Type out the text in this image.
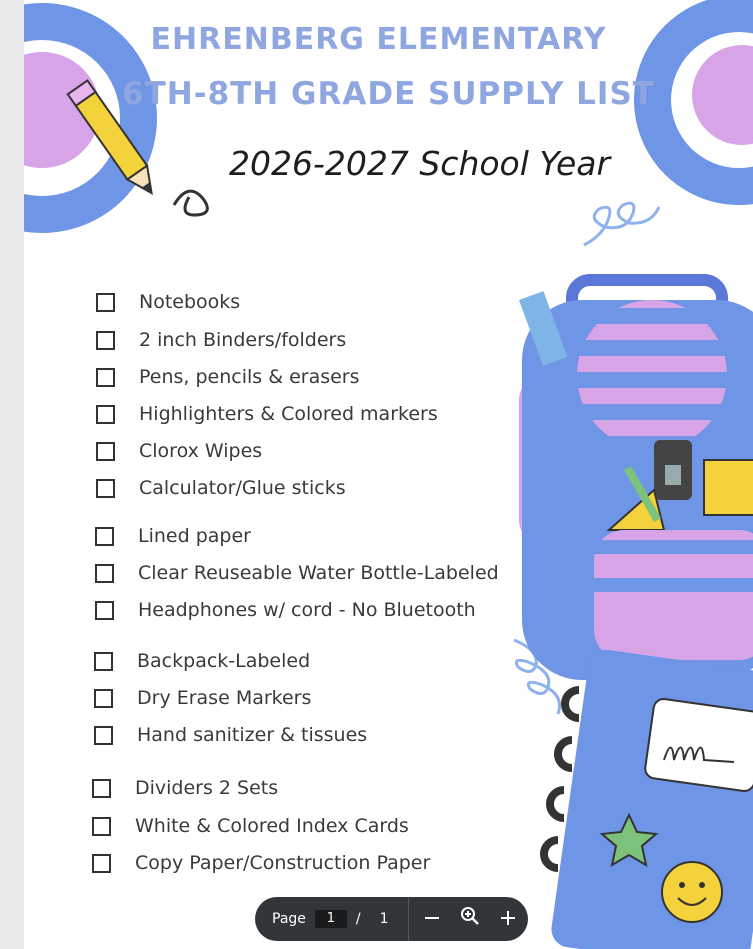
EHRENBERG ELEMENTARY
6TH-8TH GRADE SUPPLY LIST
2026-2027 School Year
Notebooks
2 inch Binders/folders
Pens, pencils & erasers
Highlighters & Colored markers
Clorox Wipes
Calculator/Glue sticks
Lined paper
Clear Reuseable Water Bottle-Labeled
Headphones w/ cord - No Bluetooth
Backpack-Labeled
Dry Erase Markers
Hand sanitizer & tissues
Dividers 2 Sets
White & Colored Index Cards
Copy Paper/Construction Paper
Page	1	/ 1
